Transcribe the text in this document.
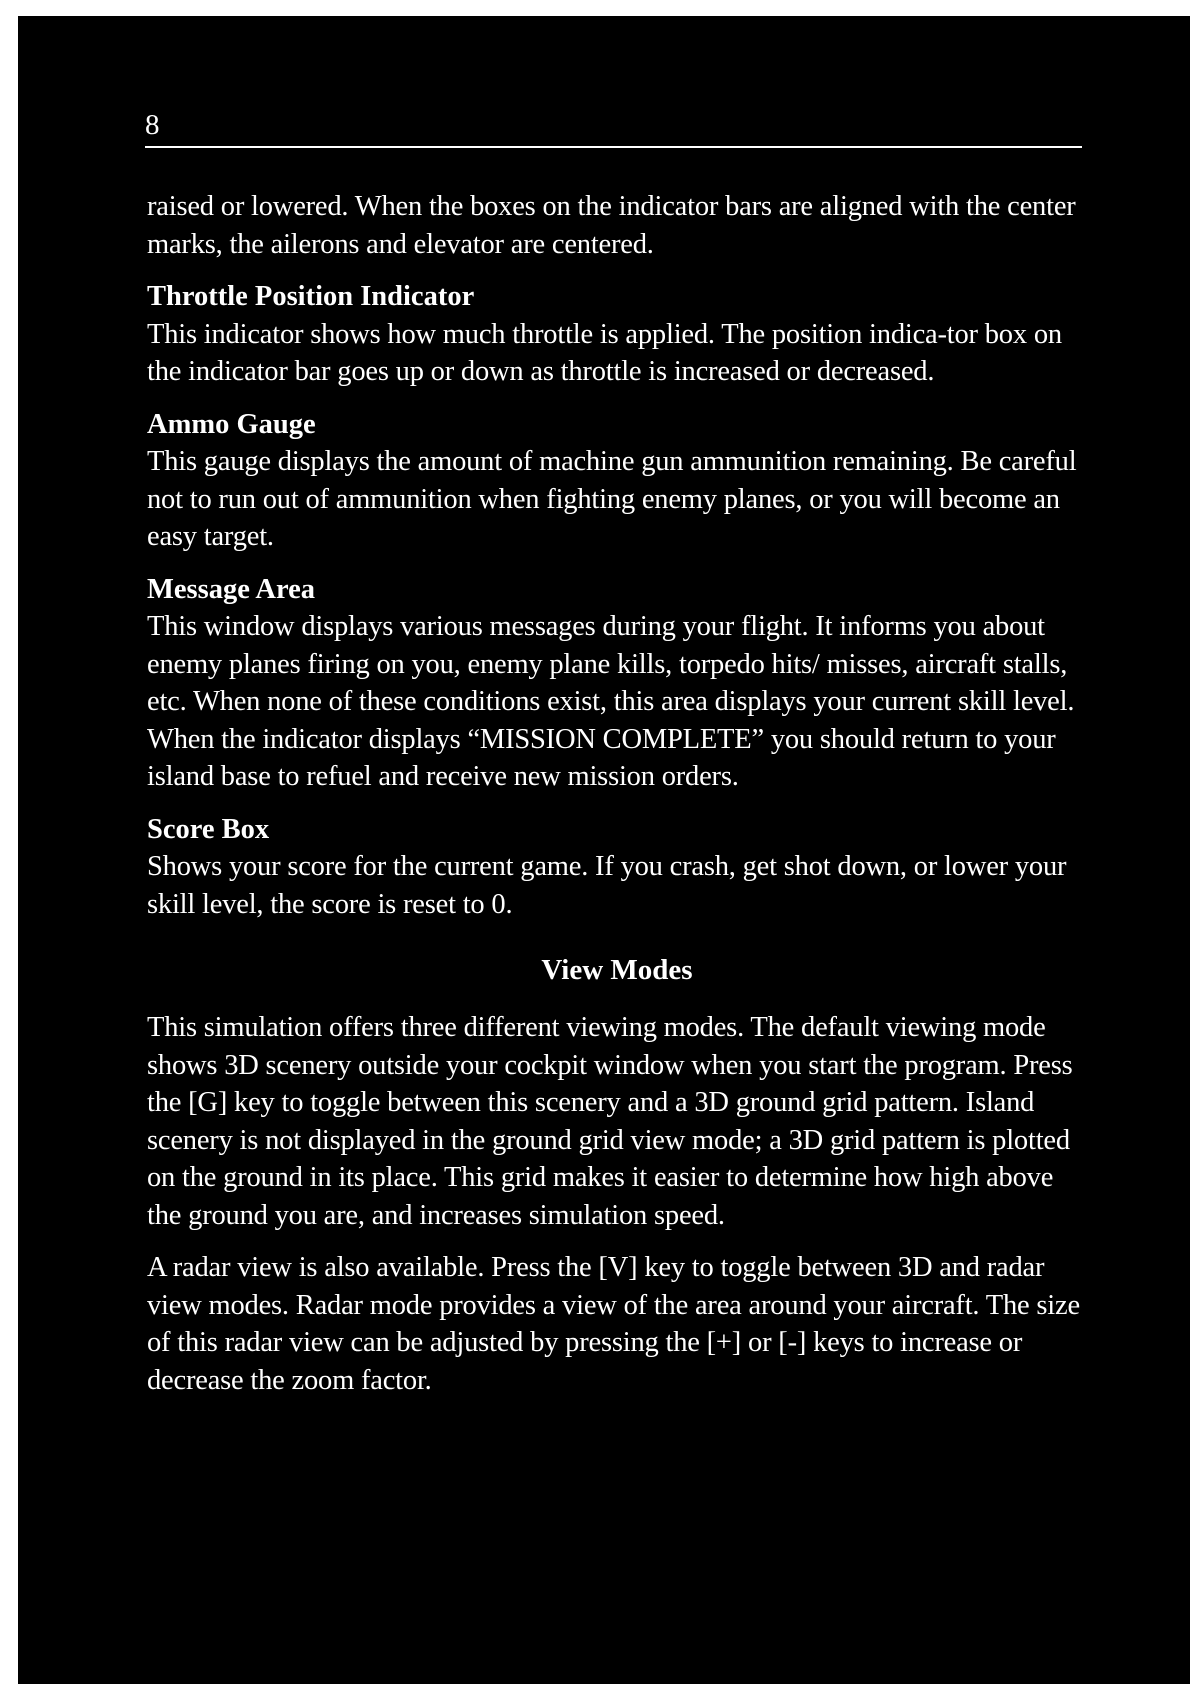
8

raised or lowered. When the boxes on the indicator bars are aligned with the center marks, the ailerons and elevator are centered.

Throttle Position Indicator

This indicator shows how much throttle is applied. The position indica-tor box on the indicator bar goes up or down as throttle is increased or decreased.

Ammo Gauge

This gauge displays the amount of machine gun ammunition remaining. Be careful not to run out of ammunition when fighting enemy planes, or you will become an easy target.

Message Area

This window displays various messages during your flight. It informs you about enemy planes firing on you, enemy plane kills, torpedo hits/ misses, aircraft stalls, etc. When none of these conditions exist, this area displays your current skill level. When the indicator displays “MISSION COMPLETE” you should return to your island base to refuel and receive new mission orders.

Score Box

Shows your score for the current game. If you crash, get shot down, or lower your skill level, the score is reset to 0.

View Modes

This simulation offers three different viewing modes. The default viewing mode shows 3D scenery outside your cockpit window when you start the program. Press the [G] key to toggle between this scenery and a 3D ground grid pattern. Island scenery is not displayed in the ground grid view mode; a 3D grid pattern is plotted on the ground in its place. This grid makes it easier to determine how high above the ground you are, and increases simulation speed.

A radar view is also available. Press the [V] key to toggle between 3D and radar view modes. Radar mode provides a view of the area around your aircraft. The size of this radar view can be adjusted by pressing the [+] or [-] keys to increase or decrease the zoom factor.
